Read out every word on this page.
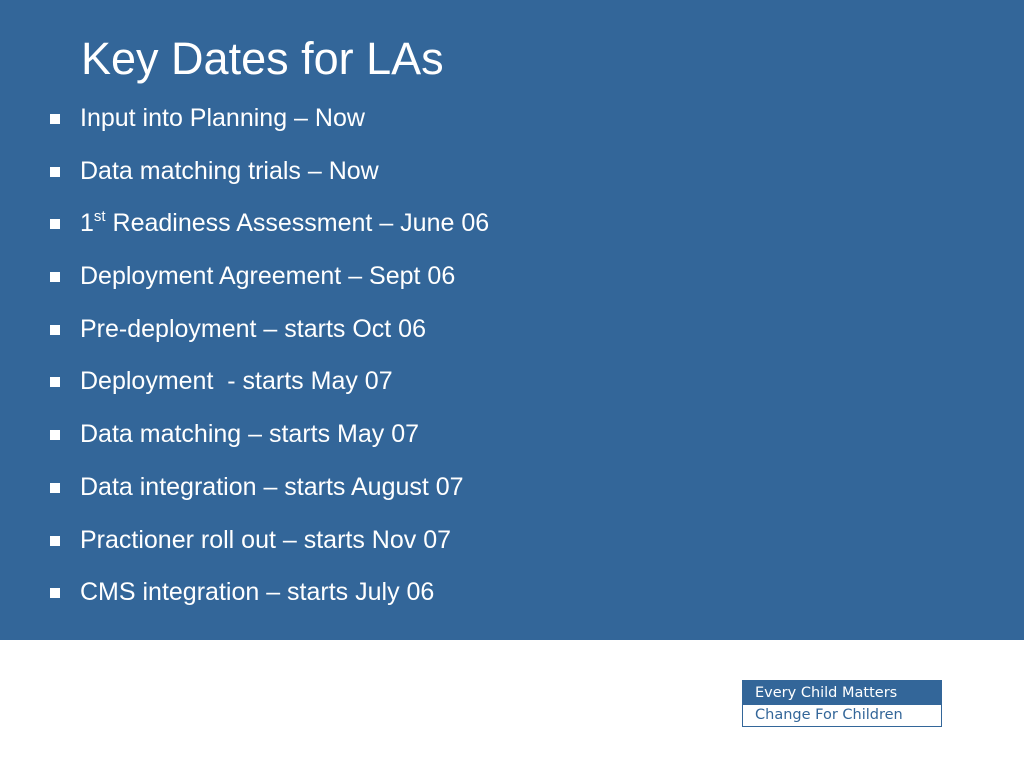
Key Dates for LAs
Input into Planning – Now
Data matching trials – Now
1st Readiness Assessment – June 06
Deployment Agreement – Sept 06
Pre-deployment – starts Oct 06
Deployment  - starts May 07
Data matching – starts May 07
Data integration – starts August 07
Practioner roll out – starts Nov 07
CMS integration – starts July 06
Every Child Matters
Change For Children
